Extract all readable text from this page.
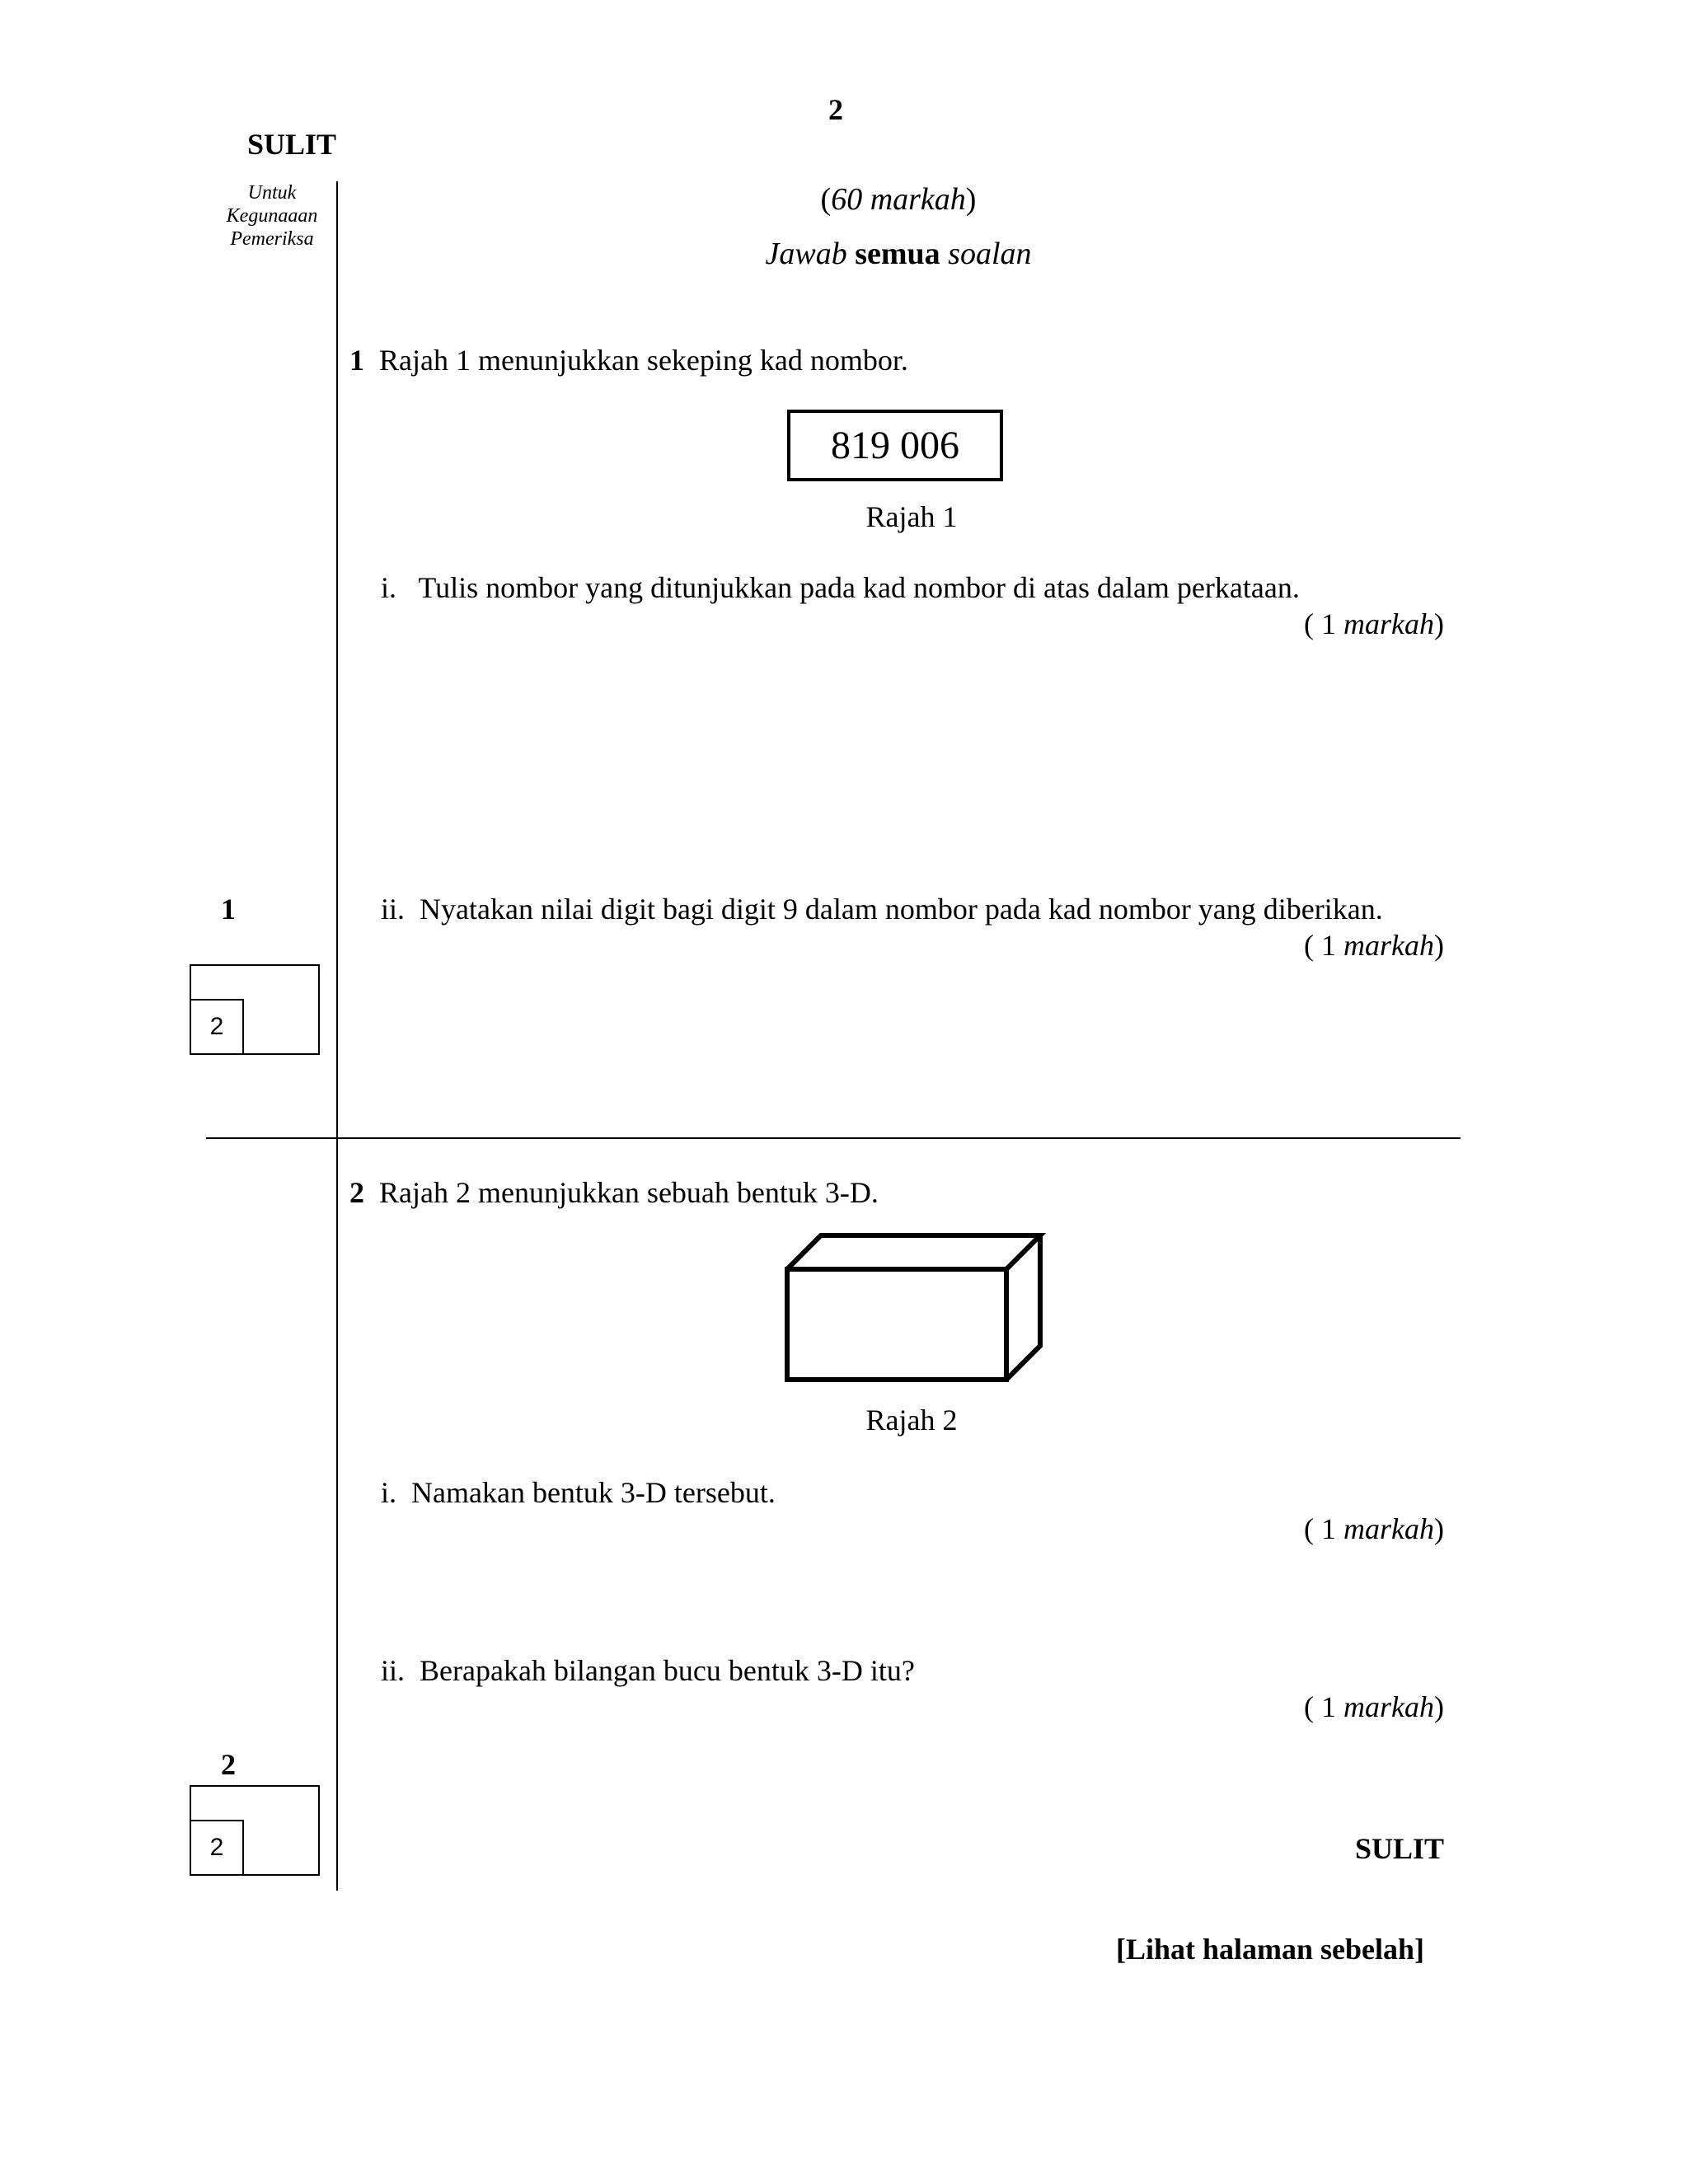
2
SULIT
Untuk
Kegunaaan
Pemeriksa
(60 markah)
Jawab semua soalan
1 Rajah 1 menunjukkan sekeping kad nombor.
819 006
Rajah 1
i. Tulis nombor yang ditunjukkan pada kad nombor di atas dalam perkataan.
( 1 markah)
1	ii. Nyatakan nilai digit bagi digit 9 dalam nombor pada kad nombor yang diberikan.
( 1 markah)
2
2 Rajah 2 menunjukkan sebuah bentuk 3-D.
Rajah 2
i. Namakan bentuk 3-D tersebut.
( 1 markah)
ii. Berapakah bilangan bucu bentuk 3-D itu?
( 1 markah)
2
2	SULIT
[Lihat halaman sebelah]
